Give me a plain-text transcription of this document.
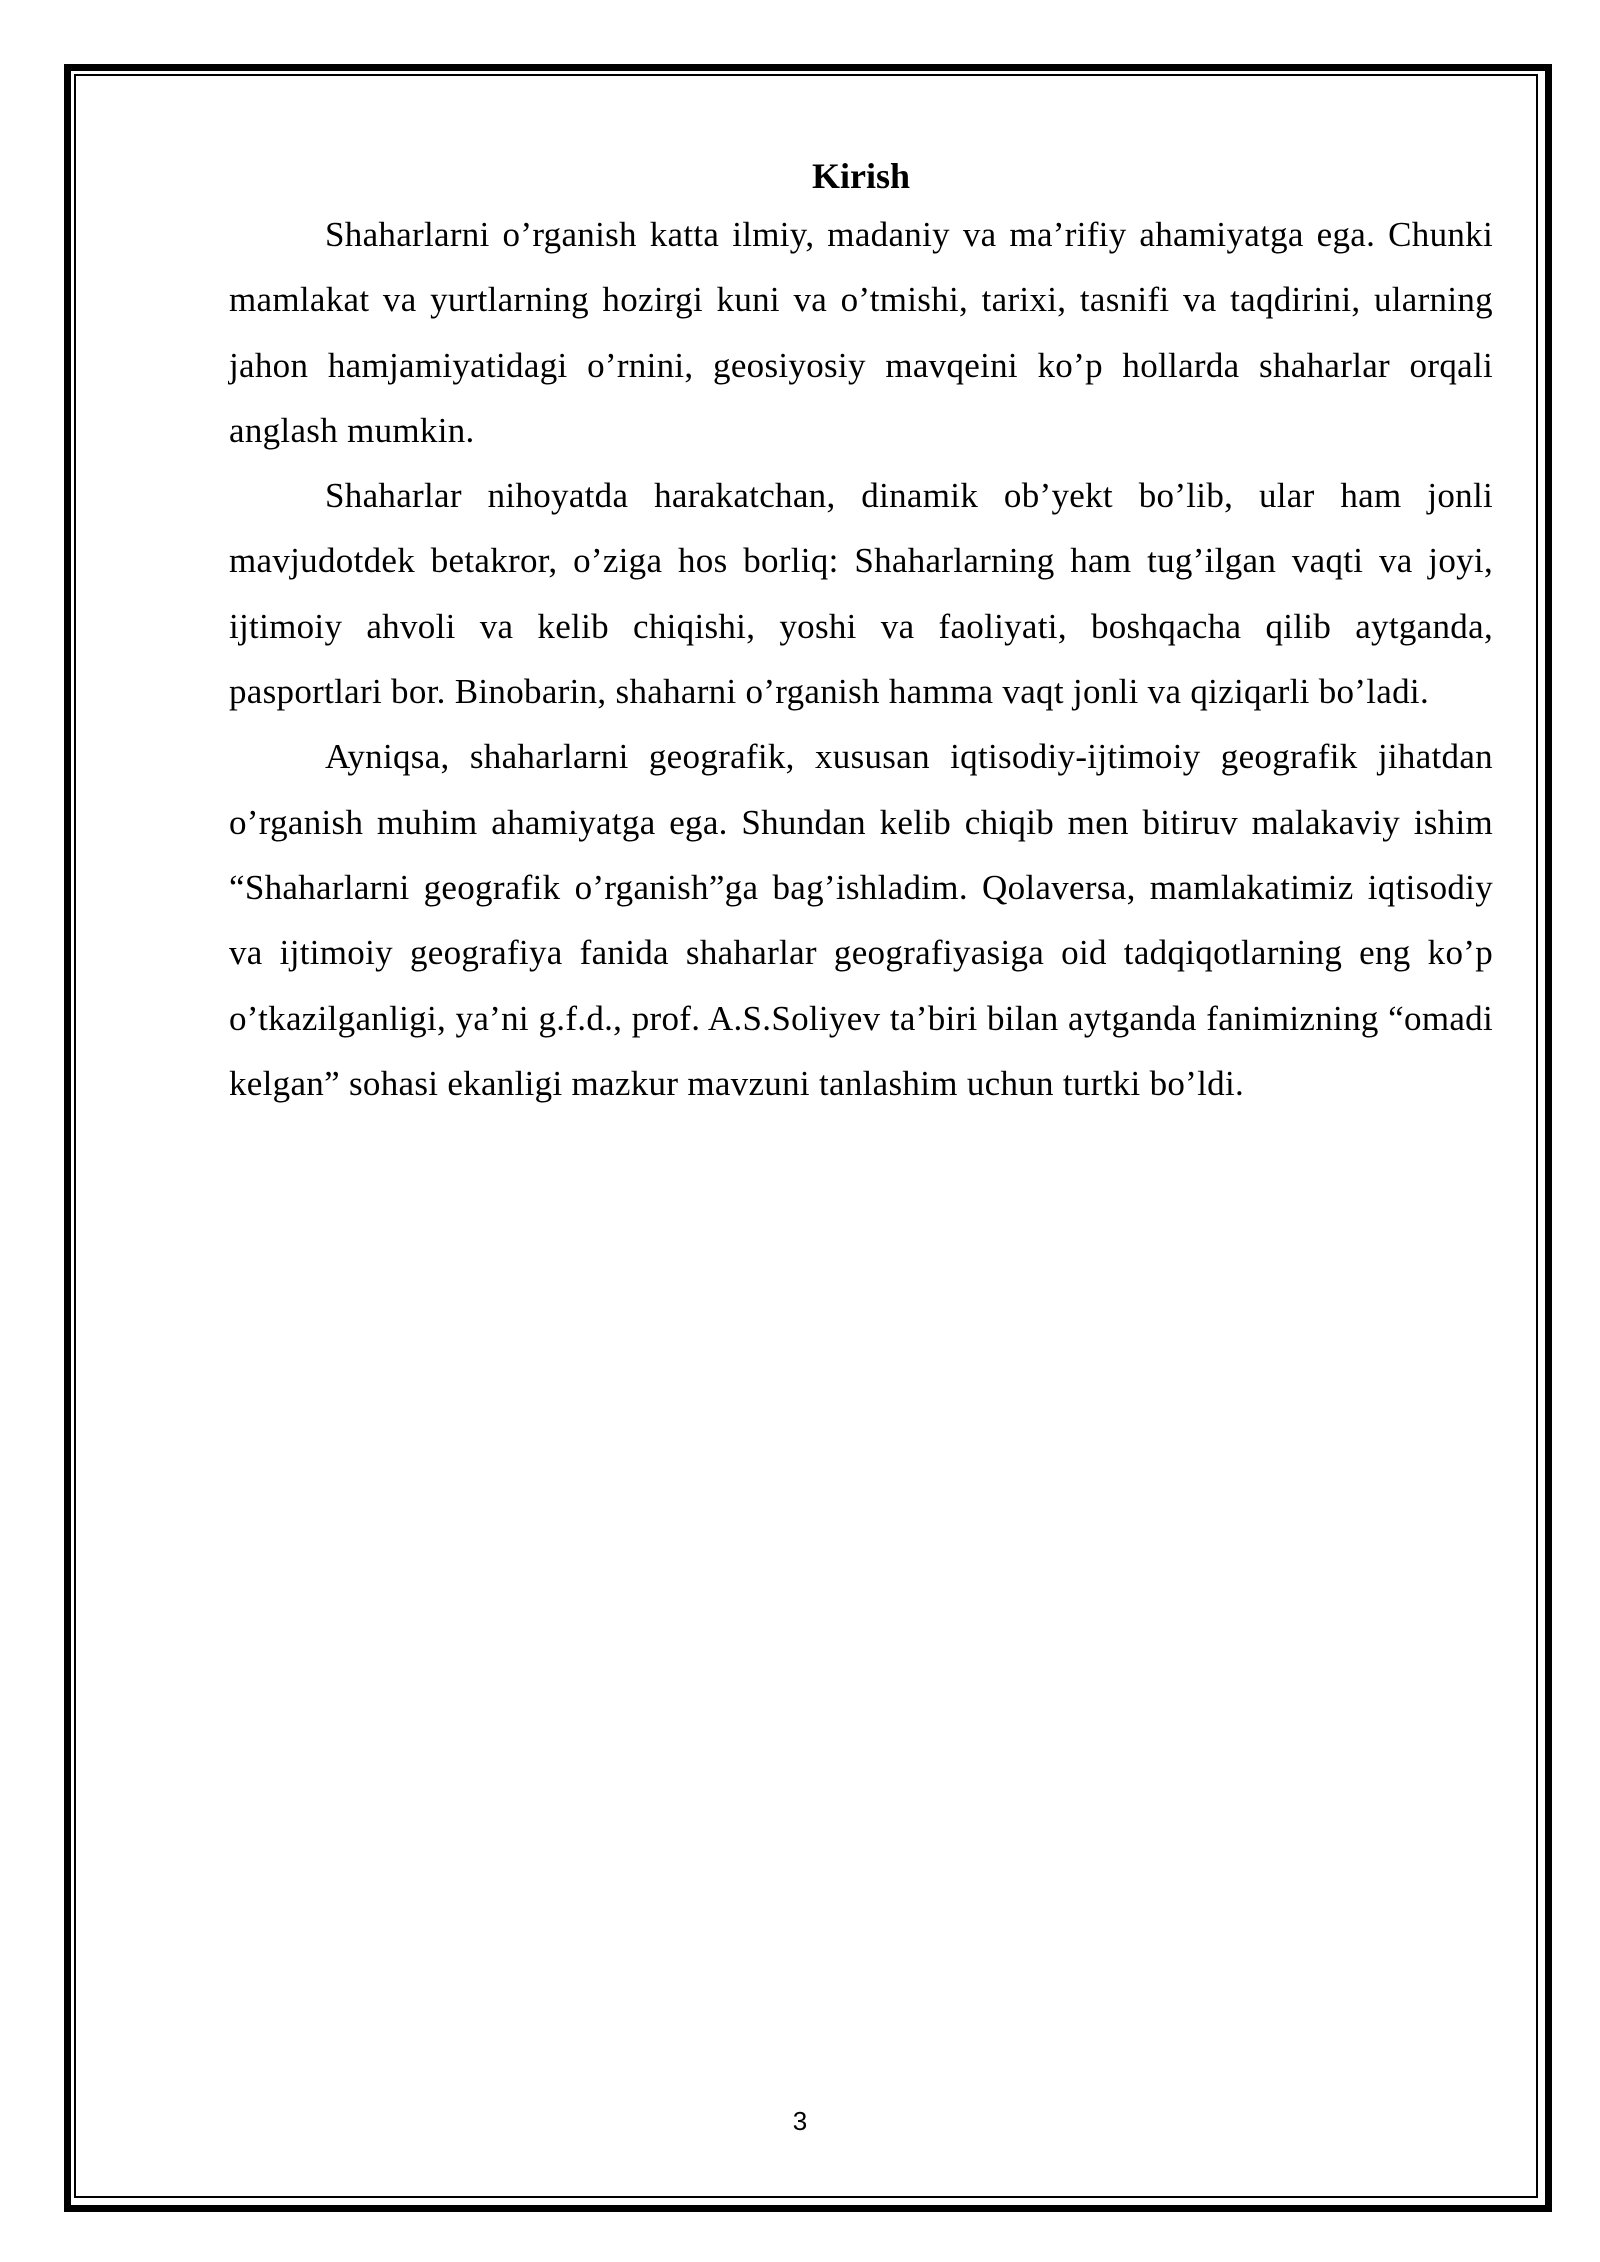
Kirish

Shaharlarni o’rganish katta ilmiy, madaniy va ma’rifiy ahamiyatga ega. Chunki mamlakat va yurtlarning hozirgi kuni va o’tmishi, tarixi, tasnifi va taqdirini, ularning jahon hamjamiyatidagi o’rnini, geosiyosiy mavqeini ko’p hollarda shaharlar orqali anglash mumkin.

Shaharlar nihoyatda harakatchan, dinamik ob’yekt bo’lib, ular ham jonli mavjudotdek betakror, o’ziga hos borliq: Shaharlarning ham tug’ilgan vaqti va joyi, ijtimoiy ahvoli va kelib chiqishi, yoshi va faoliyati, boshqacha qilib aytganda, pasportlari bor. Binobarin, shaharni o’rganish hamma vaqt jonli va qiziqarli bo’ladi.

Ayniqsa, shaharlarni geografik, xususan iqtisodiy-ijtimoiy geografik jihatdan o’rganish muhim ahamiyatga ega. Shundan kelib chiqib men bitiruv malakaviy ishim “Shaharlarni geografik o’rganish”ga bag’ishladim. Qolaversa, mamlakatimiz iqtisodiy va ijtimoiy geografiya fanida shaharlar geografiyasiga oid tadqiqotlarning eng ko’p o’tkazilganligi, ya’ni g.f.d., prof. A.S.Soliyev ta’biri bilan aytganda fanimizning “omadi kelgan” sohasi ekanligi mazkur mavzuni tanlashim uchun turtki bo’ldi.

3
